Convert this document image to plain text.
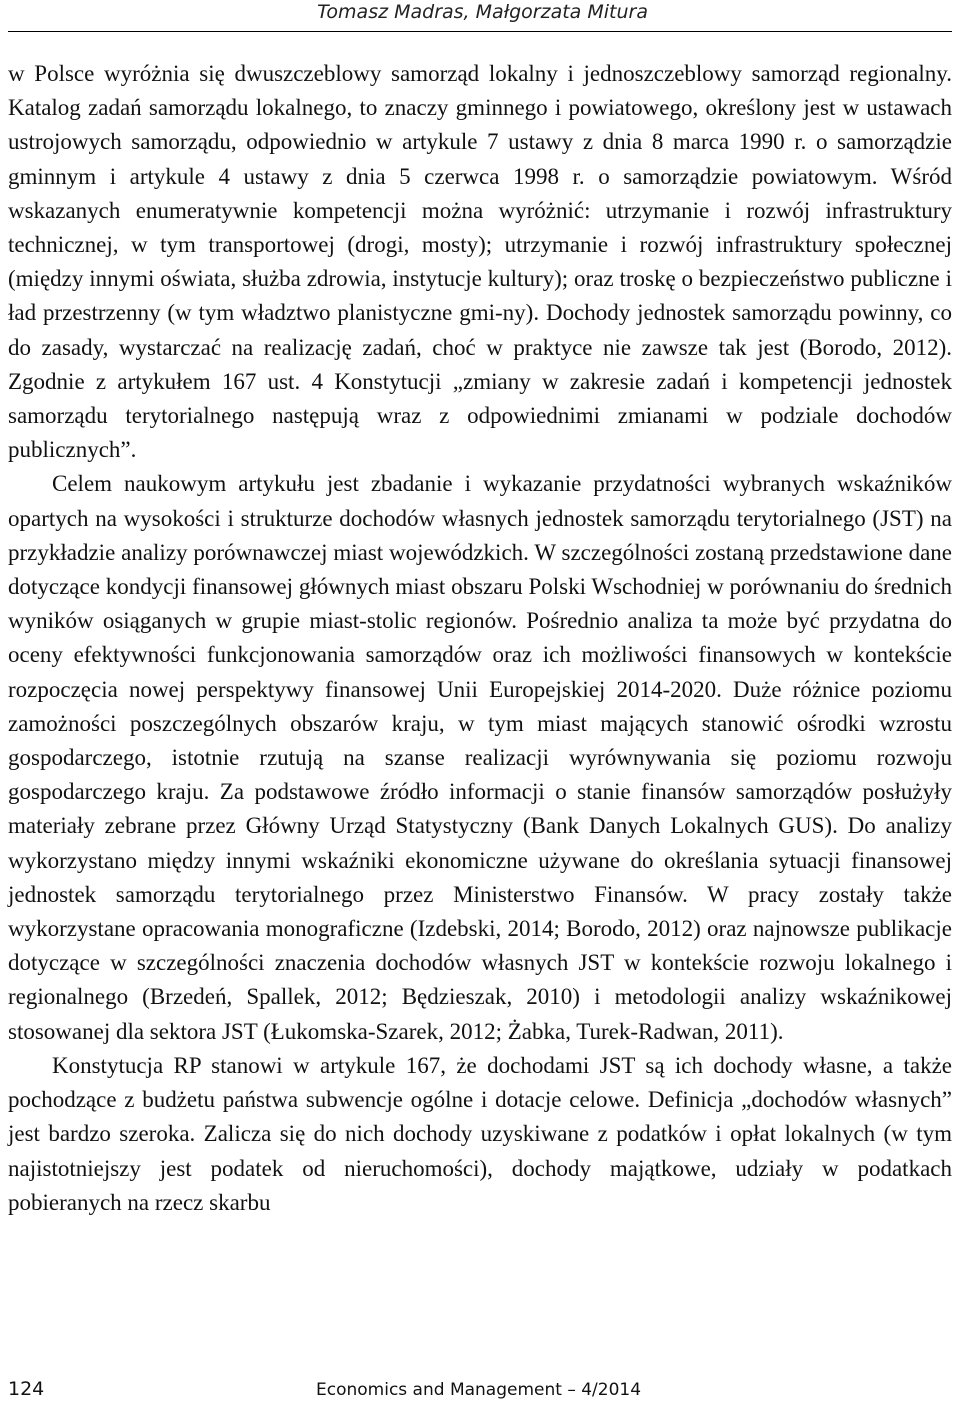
Tomasz Madras, Małgorzata Mitura

w Polsce wyróżnia się dwuszczeblowy samorząd lokalny i jednoszczeblowy samorząd regionalny. Katalog zadań samorządu lokalnego, to znaczy gminnego i powiatowego, określony jest w ustawach ustrojowych samorządu, odpowiednio w artykule 7 ustawy z dnia 8 marca 1990 r. o samorządzie gminnym i artykule 4 ustawy z dnia 5 czerwca 1998 r. o samorządzie powiatowym. Wśród wskazanych enumeratywnie kompetencji można wyróżnić: utrzymanie i rozwój infrastruktury technicznej, w tym transportowej (drogi, mosty); utrzymanie i rozwój infrastruktury społecznej (między innymi oświata, służba zdrowia, instytucje kultury); oraz troskę o bezpieczeństwo publiczne i ład przestrzenny (w tym władztwo planistyczne gmi-ny). Dochody jednostek samorządu powinny, co do zasady, wystarczać na realizację zadań, choć w praktyce nie zawsze tak jest (Borodo, 2012). Zgodnie z artykułem 167 ust. 4 Konstytucji „zmiany w zakresie zadań i kompetencji jednostek samorządu terytorialnego następują wraz z odpowiednimi zmianami w podziale dochodów publicznych”.

Celem naukowym artykułu jest zbadanie i wykazanie przydatności wybranych wskaźników opartych na wysokości i strukturze dochodów własnych jednostek samorządu terytorialnego (JST) na przykładzie analizy porównawczej miast wojewódzkich. W szczególności zostaną przedstawione dane dotyczące kondycji finansowej głównych miast obszaru Polski Wschodniej w porównaniu do średnich wyników osiąganych w grupie miast-stolic regionów. Pośrednio analiza ta może być przydatna do oceny efektywności funkcjonowania samorządów oraz ich możliwości finansowych w kontekście rozpoczęcia nowej perspektywy finansowej Unii Europejskiej 2014-2020. Duże różnice poziomu zamożności poszczególnych obszarów kraju, w tym miast mających stanowić ośrodki wzrostu gospodarczego, istotnie rzutują na szanse realizacji wyrównywania się poziomu rozwoju gospodarczego kraju. Za podstawowe źródło informacji o stanie finansów samorządów posłużyły materiały zebrane przez Główny Urząd Statystyczny (Bank Danych Lokalnych GUS). Do analizy wykorzystano między innymi wskaźniki ekonomiczne używane do określania sytuacji finansowej jednostek samorządu terytorialnego przez Ministerstwo Finansów. W pracy zostały także wykorzystane opracowania monograficzne (Izdebski, 2014; Borodo, 2012) oraz najnowsze publikacje dotyczące w szczególności znaczenia dochodów własnych JST w kontekście rozwoju lokalnego i regionalnego (Brzedeń, Spallek, 2012; Będzieszak, 2010) i metodologii analizy wskaźnikowej stosowanej dla sektora JST (Łukomska-Szarek, 2012; Żabka, Turek-Radwan, 2011).

Konstytucja RP stanowi w artykule 167, że dochodami JST są ich dochody własne, a także pochodzące z budżetu państwa subwencje ogólne i dotacje celowe. Definicja „dochodów własnych” jest bardzo szeroka. Zalicza się do nich dochody uzyskiwane z podatków i opłat lokalnych (w tym najistotniejszy jest podatek od nieruchomości), dochody majątkowe, udziały w podatkach pobieranych na rzecz skarbu

124	Economics and Management – 4/2014
